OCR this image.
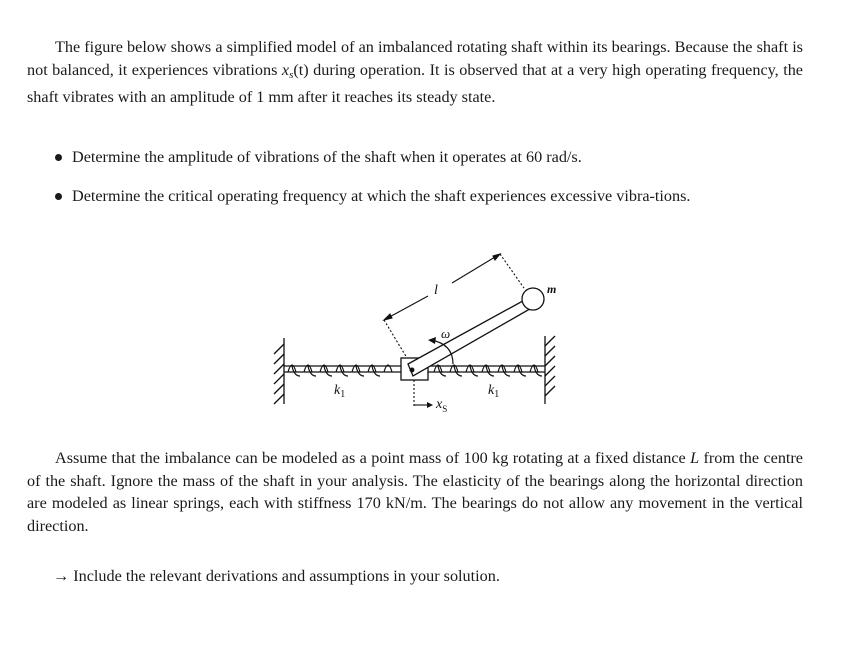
The figure below shows a simplified model of an imbalanced rotating shaft within its bearings. Because the shaft is not balanced, it experiences vibrations $x_s(t)$ during operation. It is observed that at a very high operating frequency, the shaft vibrates with an amplitude of 1 mm after it reaches its steady state.
Determine the amplitude of vibrations of the shaft when it operates at 60 rad/s.
Determine the critical operating frequency at which the shaft experiences excessive vibra-tions.
m
l
ω
$k_1$	$k_1$
$x_S$
Assume that the imbalance can be modeled as a point mass of 100 kg rotating at a fixed distance L from the centre of the shaft. Ignore the mass of the shaft in your analysis. The elasticity of the bearings along the horizontal direction are modeled as linear springs, each with stiffness 170 kN/m. The bearings do not allow any movement in the vertical direction.
→ Include the relevant derivations and assumptions in your solution.
